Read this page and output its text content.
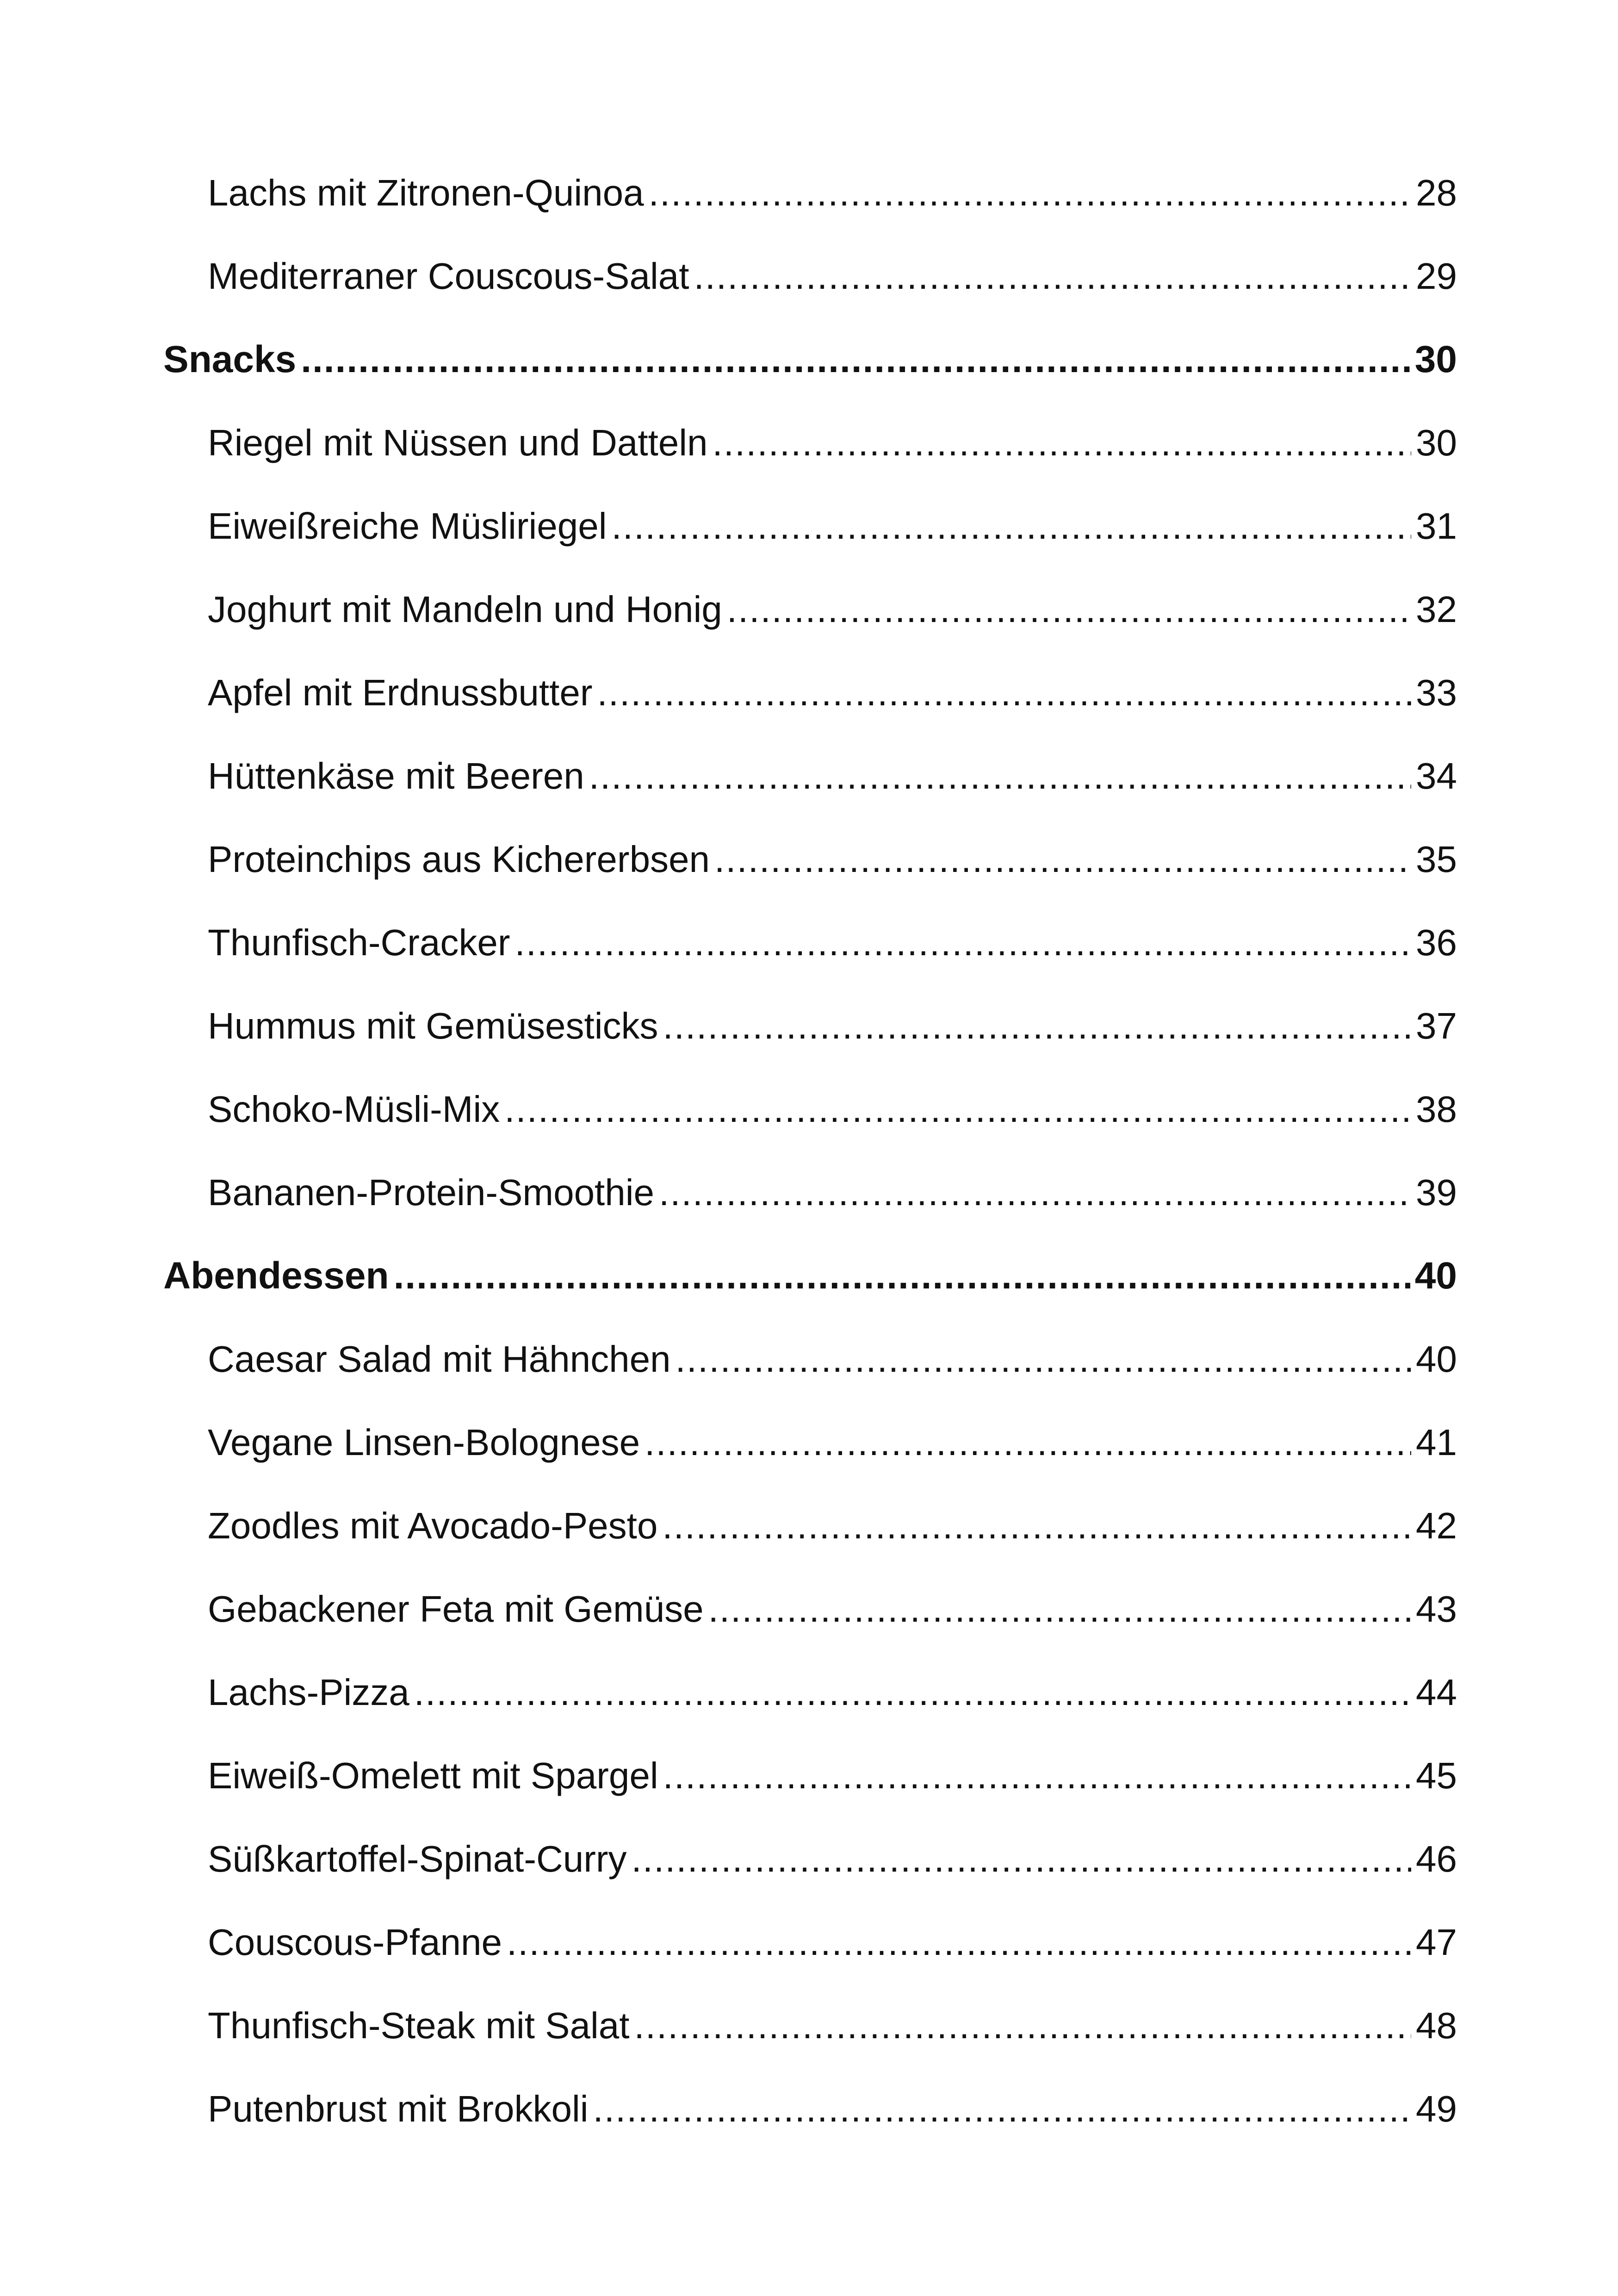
Lachs mit Zitronen-Quinoa .....	28
Mediterraner Couscous-Salat .....	29
Snacks .....	30
Riegel mit Nüssen und Datteln .....	30
Eiweißreiche Müsliriegel .....	31
Joghurt mit Mandeln und Honig .....	32
Apfel mit Erdnussbutter .....	33
Hüttenkäse mit Beeren .....	34
Proteinchips aus Kichererbsen .....	35
Thunfisch-Cracker .....	36
Hummus mit Gemüsesticks .....	37
Schoko-Müsli-Mix .....	38
Bananen-Protein-Smoothie .....	39
Abendessen .....	40
Caesar Salad mit Hähnchen .....	40
Vegane Linsen-Bolognese .....	41
Zoodles mit Avocado-Pesto .....	42
Gebackener Feta mit Gemüse .....	43
Lachs-Pizza .....	44
Eiweiß-Omelett mit Spargel .....	45
Süßkartoffel-Spinat-Curry .....	46
Couscous-Pfanne .....	47
Thunfisch-Steak mit Salat .....	48
Putenbrust mit Brokkoli .....	49
